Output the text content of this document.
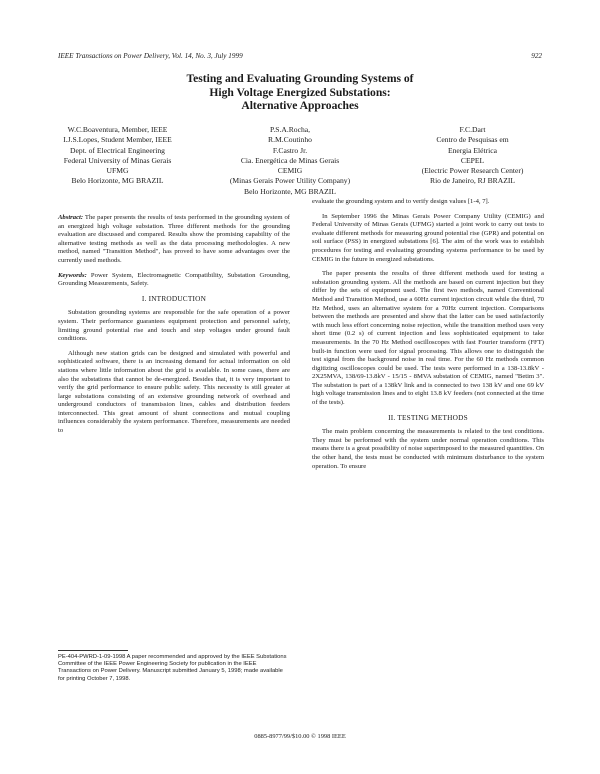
IEEE Transactions on Power Delivery, Vol. 14, No. 3, July 1999	922
Testing and Evaluating Grounding Systems of
High Voltage Energized Substations:
Alternative Approaches
W.C.Boaventura, Member, IEEE
I.J.S.Lopes, Student Member, IEEE
Dept. of Electrical Engineering
Federal University of Minas Gerais
UFMG
Belo Horizonte, MG BRAZIL
P.S.A.Rocha,
R.M.Coutinho
F.Castro Jr.
Cia. Energética de Minas Gerais
CEMIG
(Minas Gerais Power Utility Company)
Belo Horizonte, MG BRAZIL
F.C.Dart
Centro de Pesquisas em
Energia Elétrica
CEPEL
(Electric Power Research Center)
Rio de Janeiro, RJ BRAZIL

Abstract: The paper presents the results of tests performed in the grounding system of an energized high voltage substation. Three different methods for the grounding evaluation are discussed and compared. Results show the promising capability of the alternative testing methods as well as the data processing methodologies. A new method, named "Transition Method", has proved to have some advantages over the currently used methods.

Keywords: Power System, Electromagnetic Compatibility, Substation Grounding, Grounding Measurements, Safety.

I. INTRODUCTION

Substation grounding systems are responsible for the safe operation of a power system. Their performance guarantees equipment protection and personnel safety, limiting ground potential rise and touch and step voltages under ground fault conditions.

Although new station grids can be designed and simulated with powerful and sophisticated software, there is an increasing demand for actual information on old stations where little information about the grid is available. In some cases, there are also the substations that cannot be de-energized. Besides that, it is very important to verify the grid performance to ensure public safety. This necessity is still greater at large substations consisting of an extensive grounding network of overhead and underground conductors of transmission lines, cables and distribution feeders interconnected. This great amount of shunt connections and mutual coupling influences considerably the system performance. Therefore, measurements are needed to

PE-404-PWRD-1-09-1998 A paper recommended and approved by the IEEE Substations Committee of the IEEE Power Engineering Society for publication in the IEEE Transactions on Power Delivery. Manuscript submitted January 5, 1998; made available for printing October 7, 1998.

evaluate the grounding system and to verify design values [1-4, 7].

In September 1996 the Minas Gerais Power Company Utility (CEMIG) and Federal University of Minas Gerais (UFMG) started a joint work to carry out tests to evaluate different methods for measuring ground potential rise (GPR) and potential on soil surface (PSS) in energized substations [6]. The aim of the work was to establish procedures for testing and evaluating grounding systems performance to be used by CEMIG in the future in energized substations.

The paper presents the results of three different methods used for testing a substation grounding system. All the methods are based on current injection but they differ by the sets of equipment used. The first two methods, named Conventional Method and Transition Method, use a 60Hz current injection circuit while the third, 70 Hz Method, uses an alternative system for a 70Hz current injection. Comparisons between the methods are presented and show that the latter can be used satisfactorily with much less effort concerning noise rejection, while the transition method uses very short time (0.2 s) of current injection and less sophisticated equipment to take measurements. In the 70 Hz Method oscilloscopes with fast Fourier transform (FFT) built-in function were used for signal processing. This allows one to distinguish the test signal from the background noise in real time. For the 60 Hz methods common digitizing oscilloscopes could be used. The tests were performed in a 138-13.8kV - 2X25MVA, 138/69-13.8kV - 15/15 - 8MVA substation of CEMIG, named "Betim 3". The substation is part of a 138kV link and is connected to two 138 kV and one 69 kV high voltage transmission lines and to eight 13.8 kV feeders (not connected at the time of the tests).

II. TESTING METHODS

The main problem concerning the measurements is related to the test conditions. They must be performed with the system under normal operation conditions. This means there is a great possibility of noise superimposed to the measured quantities. On the other hand, the tests must be conducted with minimum disturbance to the system operation. To ensure

0885-8977/99/$10.00 © 1998 IEEE
